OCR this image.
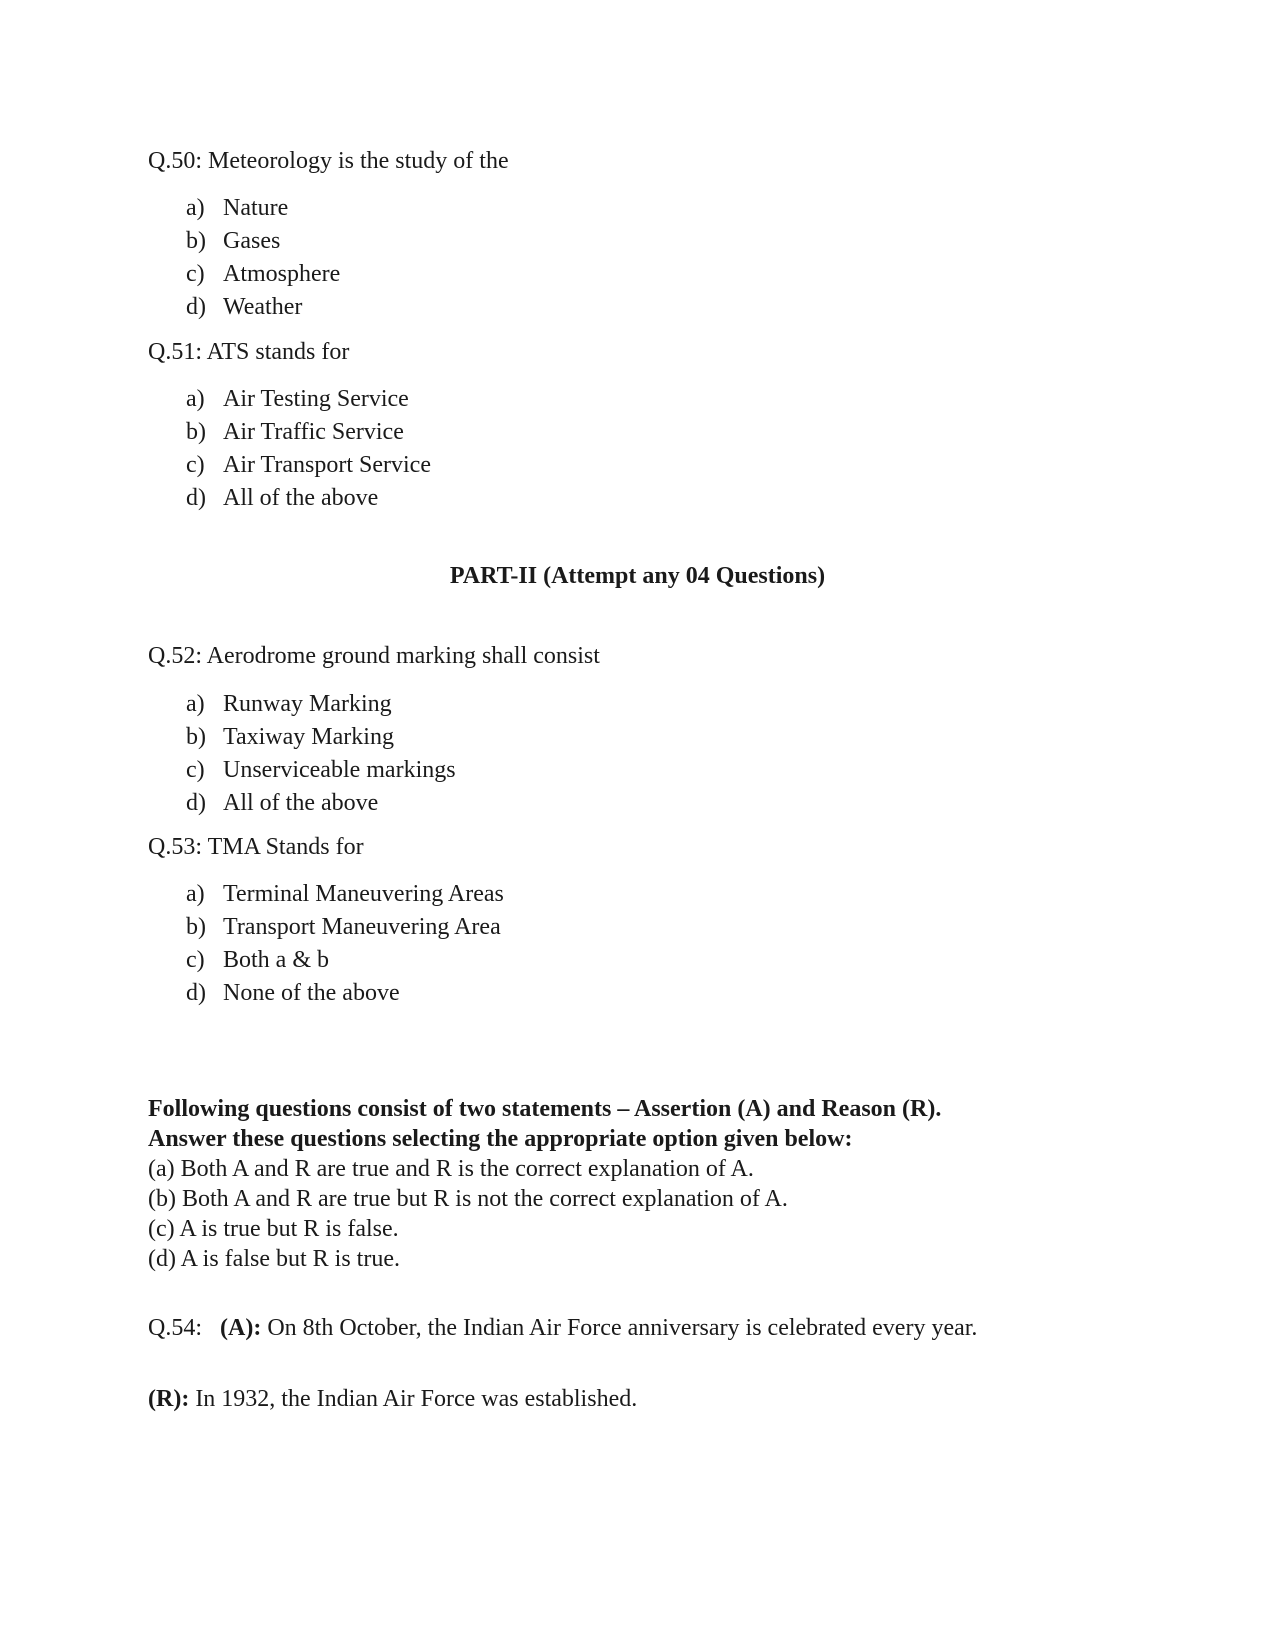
Q.50: Meteorology is the study of the
a) Nature
b) Gases
c) Atmosphere
d) Weather
Q.51: ATS stands for
a) Air Testing Service
b) Air Traffic Service
c) Air Transport Service
d) All of the above
PART-II (Attempt any 04 Questions)
Q.52: Aerodrome ground marking shall consist
a) Runway Marking
b) Taxiway Marking
c) Unserviceable markings
d) All of the above
Q.53: TMA Stands for
a) Terminal Maneuvering Areas
b) Transport Maneuvering Area
c) Both a & b
d) None of the above
Following questions consist of two statements – Assertion (A) and Reason (R).
Answer these questions selecting the appropriate option given below:
(a) Both A and R are true and R is the correct explanation of A.
(b) Both A and R are true but R is not the correct explanation of A.
(c) A is true but R is false.
(d) A is false but R is true.
Q.54: (A): On 8th October, the Indian Air Force anniversary is celebrated every year.
(R): In 1932, the Indian Air Force was established.
